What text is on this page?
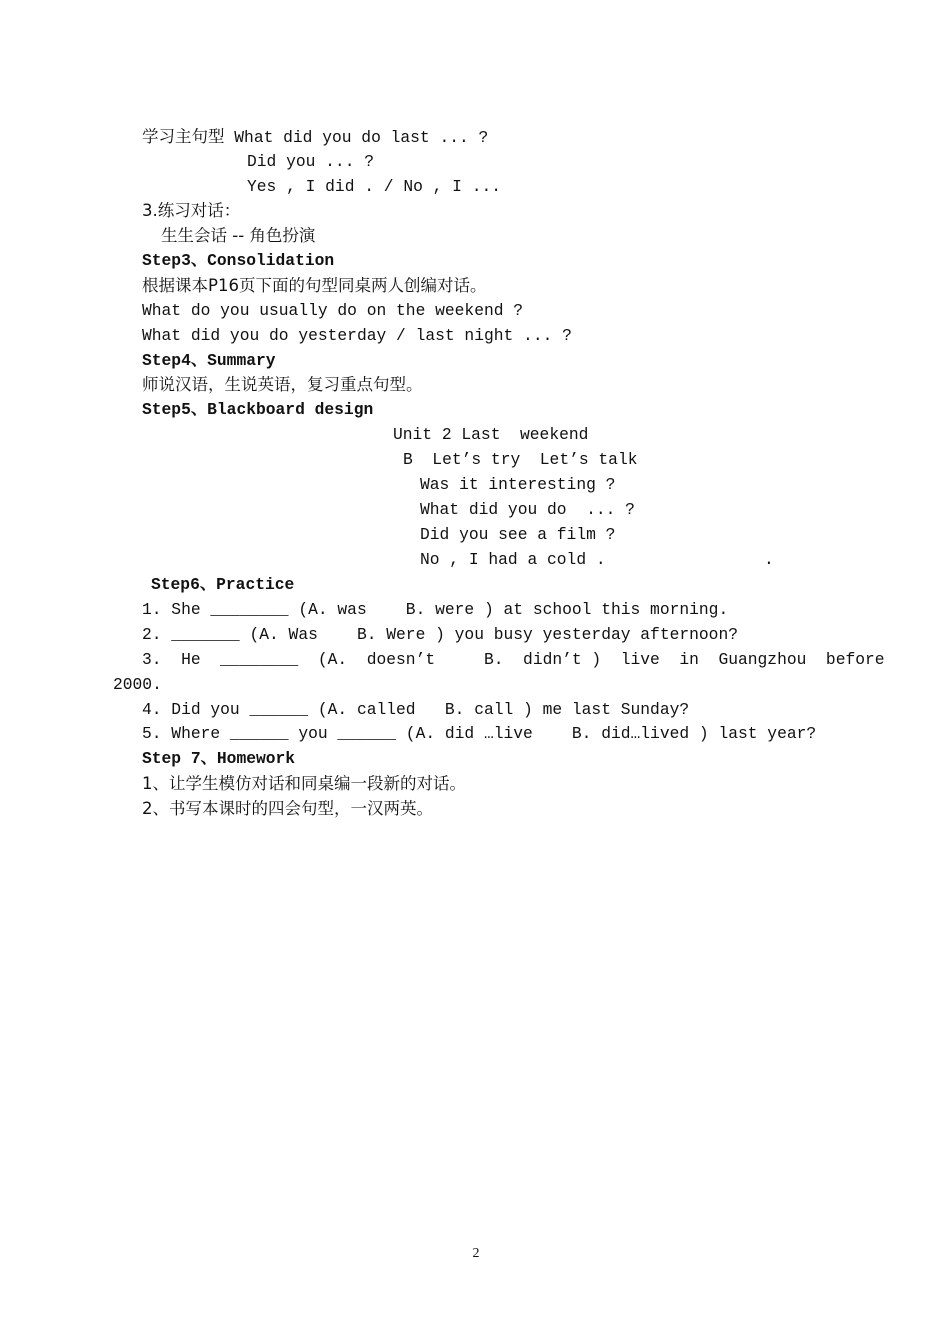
学习主句型 What did you do last ... ?
Did you ... ?
Yes , I did . / No , I ...
3.练习对话：
生生会话 -- 角色扮演
Step3、Consolidation
根据课本P16页下面的句型同桌两人创编对话。
What do you usually do on the weekend ?
What did you do yesterday / last night ... ?
Step4、Summary
师说汉语，生说英语，复习重点句型。
Step5、Blackboard design
Unit 2 Last  weekend
B  Let’s try  Let’s talk
Was it interesting ?
What did you do  ... ?
Did you see a film ?
No , I had a cold .	.
Step6、Practice
1. She ________ (A. was    B. were ) at school this morning.
2. _______ (A. Was    B. Were ) you busy yesterday afternoon?
3.  He  ________  (A.  doesn’t     B.  didn’t )  live  in  Guangzhou  before
2000.
4. Did you ______ (A. called   B. call ) me last Sunday?
5. Where ______ you ______ (A. did …live    B. did…lived ) last year?
Step 7、Homework
1、让学生模仿对话和同桌编一段新的对话。
2、书写本课时的四会句型，一汉两英。
2
